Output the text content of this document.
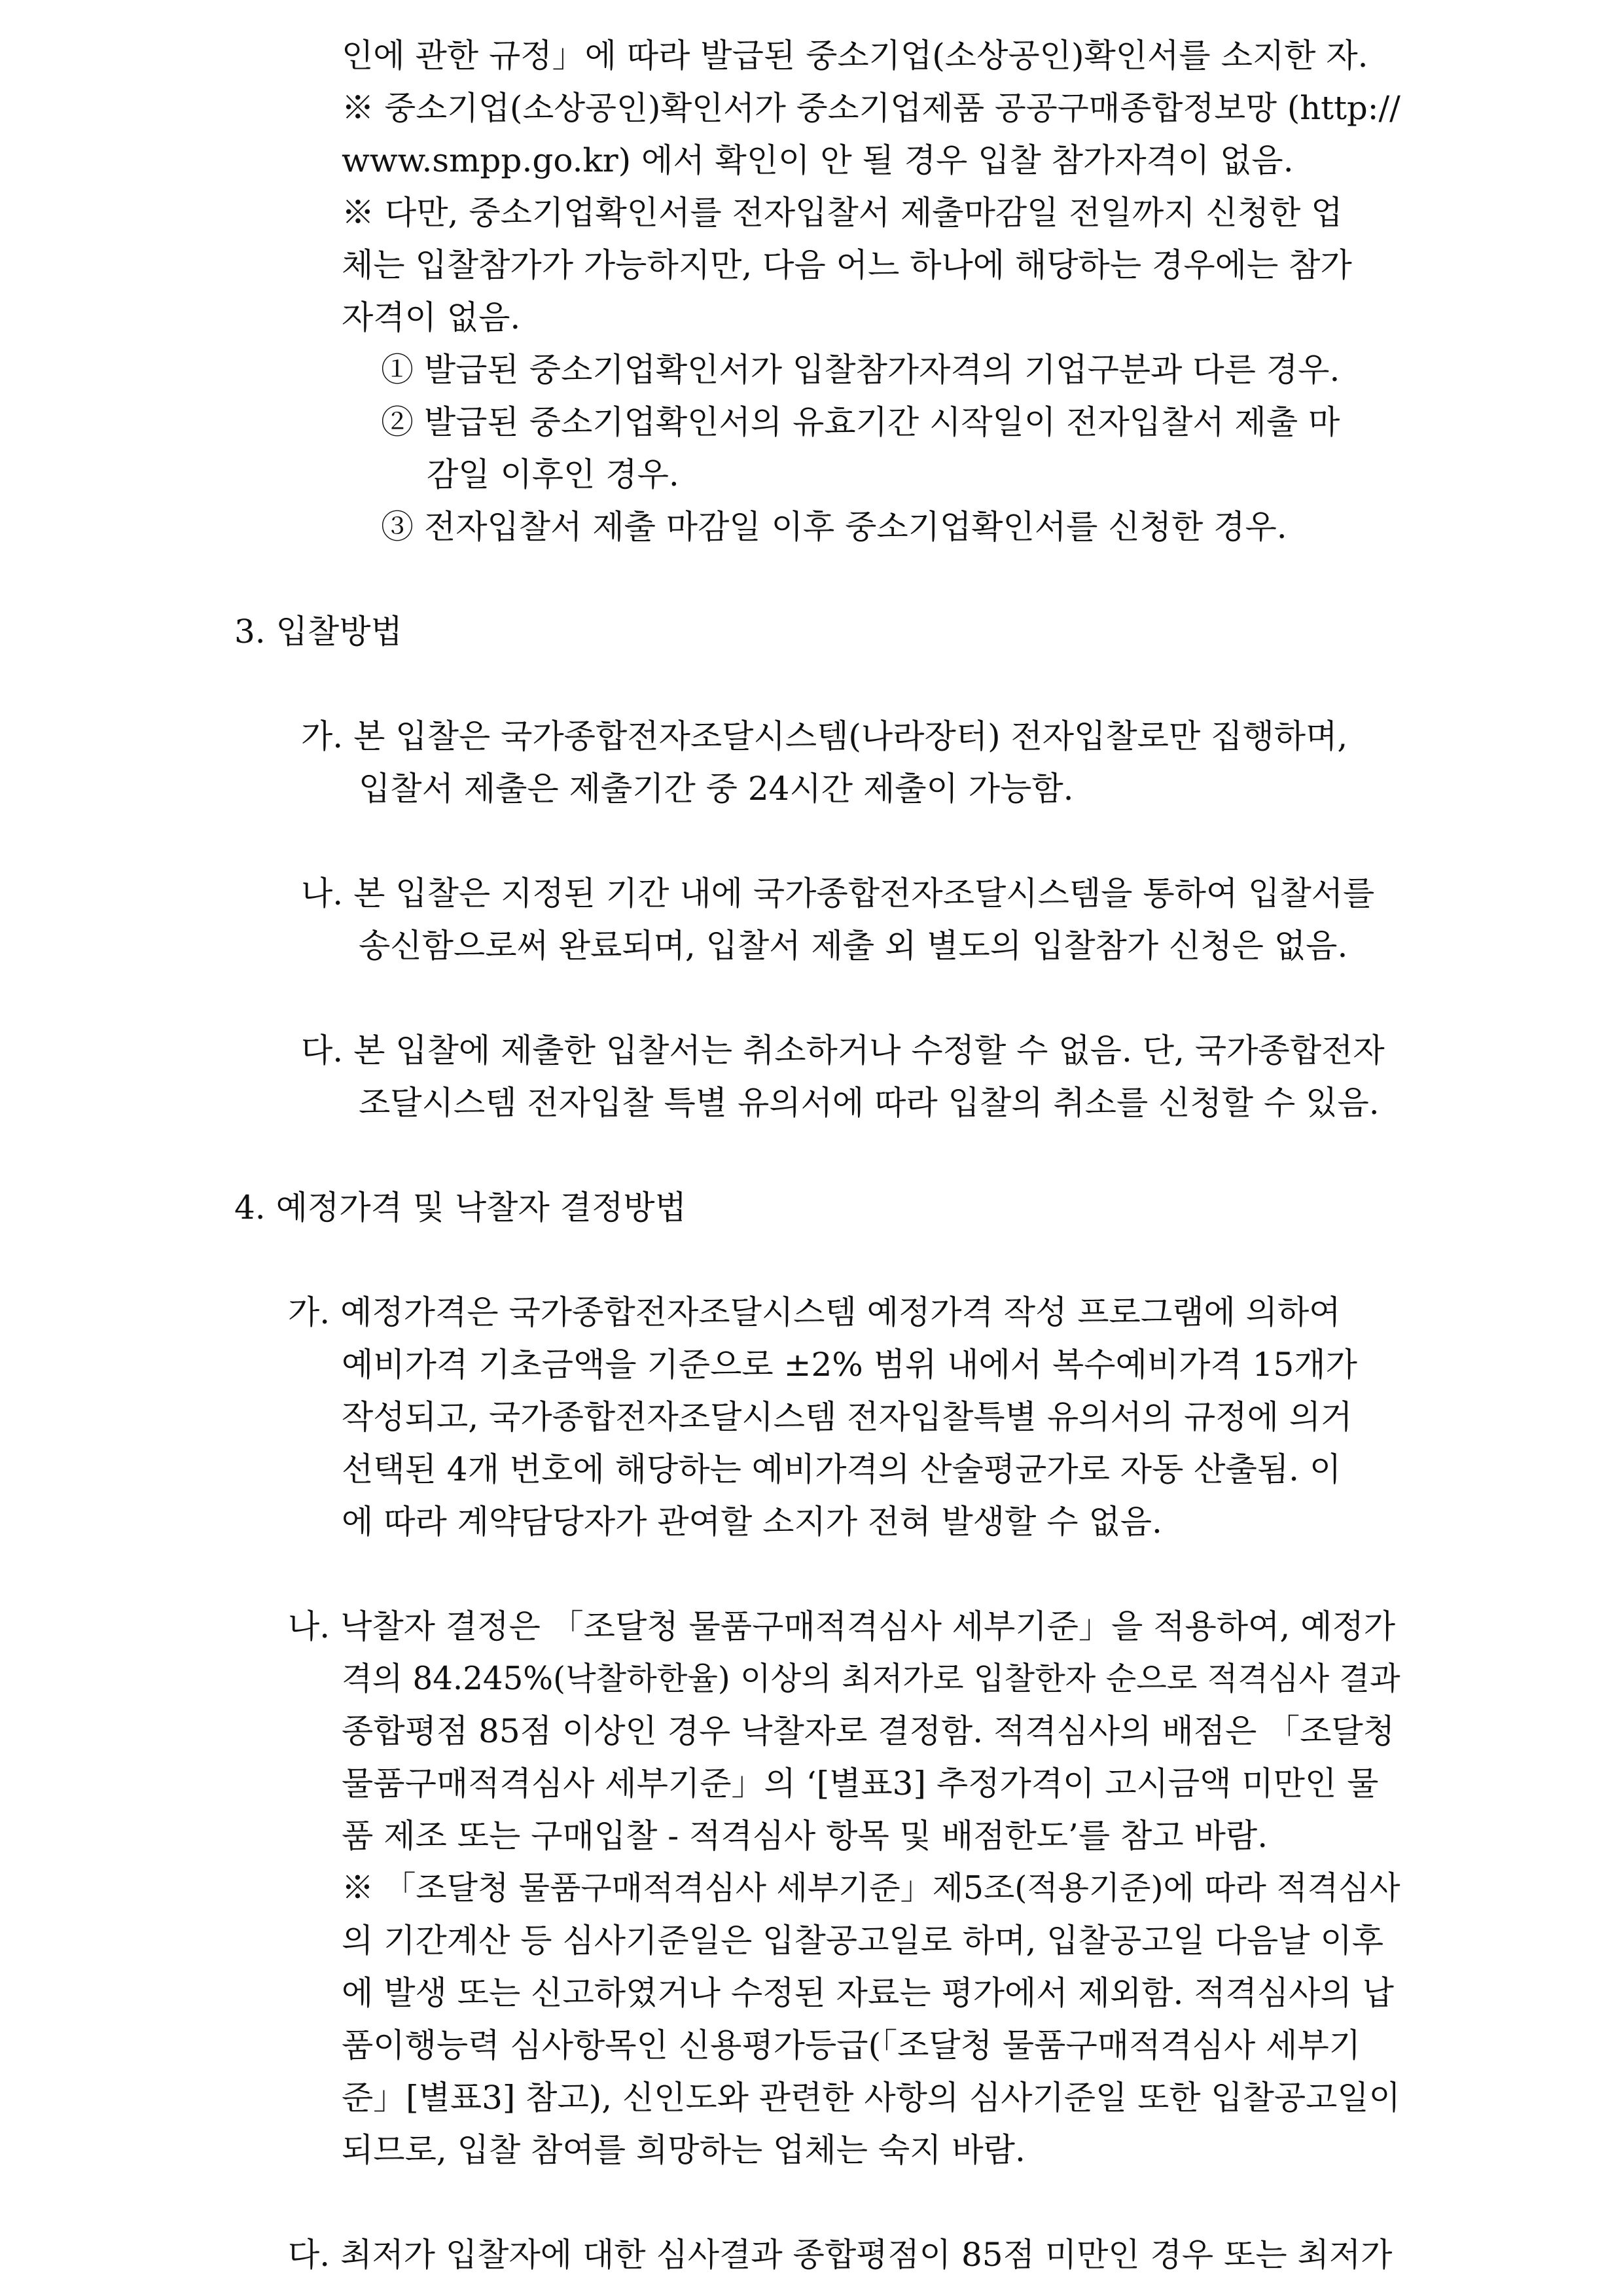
인에 관한 규정」에 따라 발급된 중소기업(소상공인)확인서를 소지한 자.
※ 중소기업(소상공인)확인서가 중소기업제품 공공구매종합정보망 (http://
www.smpp.go.kr) 에서 확인이 안 될 경우 입찰 참가자격이 없음.
※ 다만, 중소기업확인서를 전자입찰서 제출마감일 전일까지 신청한 업
체는 입찰참가가 가능하지만, 다음 어느 하나에 해당하는 경우에는 참가
자격이 없음.
① 발급된 중소기업확인서가 입찰참가자격의 기업구분과 다른 경우.
② 발급된 중소기업확인서의 유효기간 시작일이 전자입찰서 제출 마
감일 이후인 경우.
③ 전자입찰서 제출 마감일 이후 중소기업확인서를 신청한 경우.
3. 입찰방법
가. 본 입찰은 국가종합전자조달시스템(나라장터) 전자입찰로만 집행하며,
입찰서 제출은 제출기간 중 24시간 제출이 가능함.
나. 본 입찰은 지정된 기간 내에 국가종합전자조달시스템을 통하여 입찰서를
송신함으로써 완료되며, 입찰서 제출 외 별도의 입찰참가 신청은 없음.
다. 본 입찰에 제출한 입찰서는 취소하거나 수정할 수 없음. 단, 국가종합전자
조달시스템 전자입찰 특별 유의서에 따라 입찰의 취소를 신청할 수 있음.
4. 예정가격 및 낙찰자 결정방법
가. 예정가격은 국가종합전자조달시스템 예정가격 작성 프로그램에 의하여
예비가격 기초금액을 기준으로 ±2% 범위 내에서 복수예비가격 15개가
작성되고, 국가종합전자조달시스템 전자입찰특별 유의서의 규정에 의거
선택된 4개 번호에 해당하는 예비가격의 산술평균가로 자동 산출됨. 이
에 따라 계약담당자가 관여할 소지가 전혀 발생할 수 없음.
나. 낙찰자 결정은 「조달청 물품구매적격심사 세부기준」을 적용하여, 예정가
격의 84.245%(낙찰하한율) 이상의 최저가로 입찰한자 순으로 적격심사 결과
종합평점 85점 이상인 경우 낙찰자로 결정함. 적격심사의 배점은 「조달청
물품구매적격심사 세부기준」의 ‘[별표3] 추정가격이 고시금액 미만인 물
품 제조 또는 구매입찰 - 적격심사 항목 및 배점한도’를 참고 바람.
※ 「조달청 물품구매적격심사 세부기준」제5조(적용기준)에 따라 적격심사
의 기간계산 등 심사기준일은 입찰공고일로 하며, 입찰공고일 다음날 이후
에 발생 또는 신고하였거나 수정된 자료는 평가에서 제외함. 적격심사의 납
품이행능력 심사항목인 신용평가등급(「조달청 물품구매적격심사 세부기
준」[별표3] 참고), 신인도와 관련한 사항의 심사기준일 또한 입찰공고일이
되므로, 입찰 참여를 희망하는 업체는 숙지 바람.
다. 최저가 입찰자에 대한 심사결과 종합평점이 85점 미만인 경우 또는 최저가
